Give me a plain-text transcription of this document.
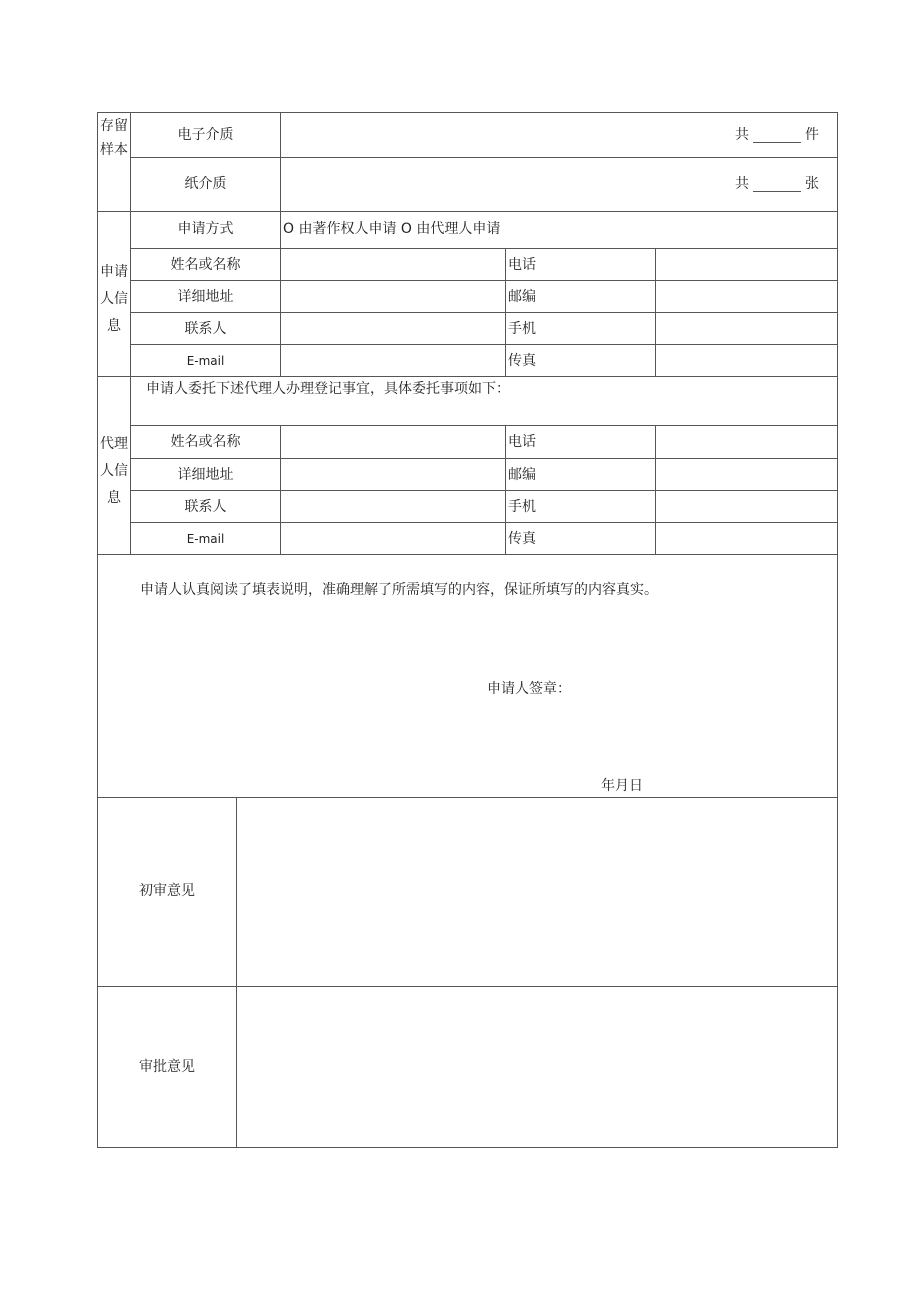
存留
样本
电子介质	共	件
纸介质	共	张
申请
人信
息
申请方式	O 由著作权人申请 O 由代理人申请
姓名或名称	电话
详细地址	邮编
联系人	手机
E-mail	传真
代理
人信
息
申请人委托下述代理人办理登记事宜，具体委托事项如下：
姓名或名称	电话
详细地址	邮编
联系人	手机
E-mail	传真
申请人认真阅读了填表说明，准确理解了所需填写的内容，保证所填写的内容真实。
申请人签章：
年月日
初审意见
审批意见
